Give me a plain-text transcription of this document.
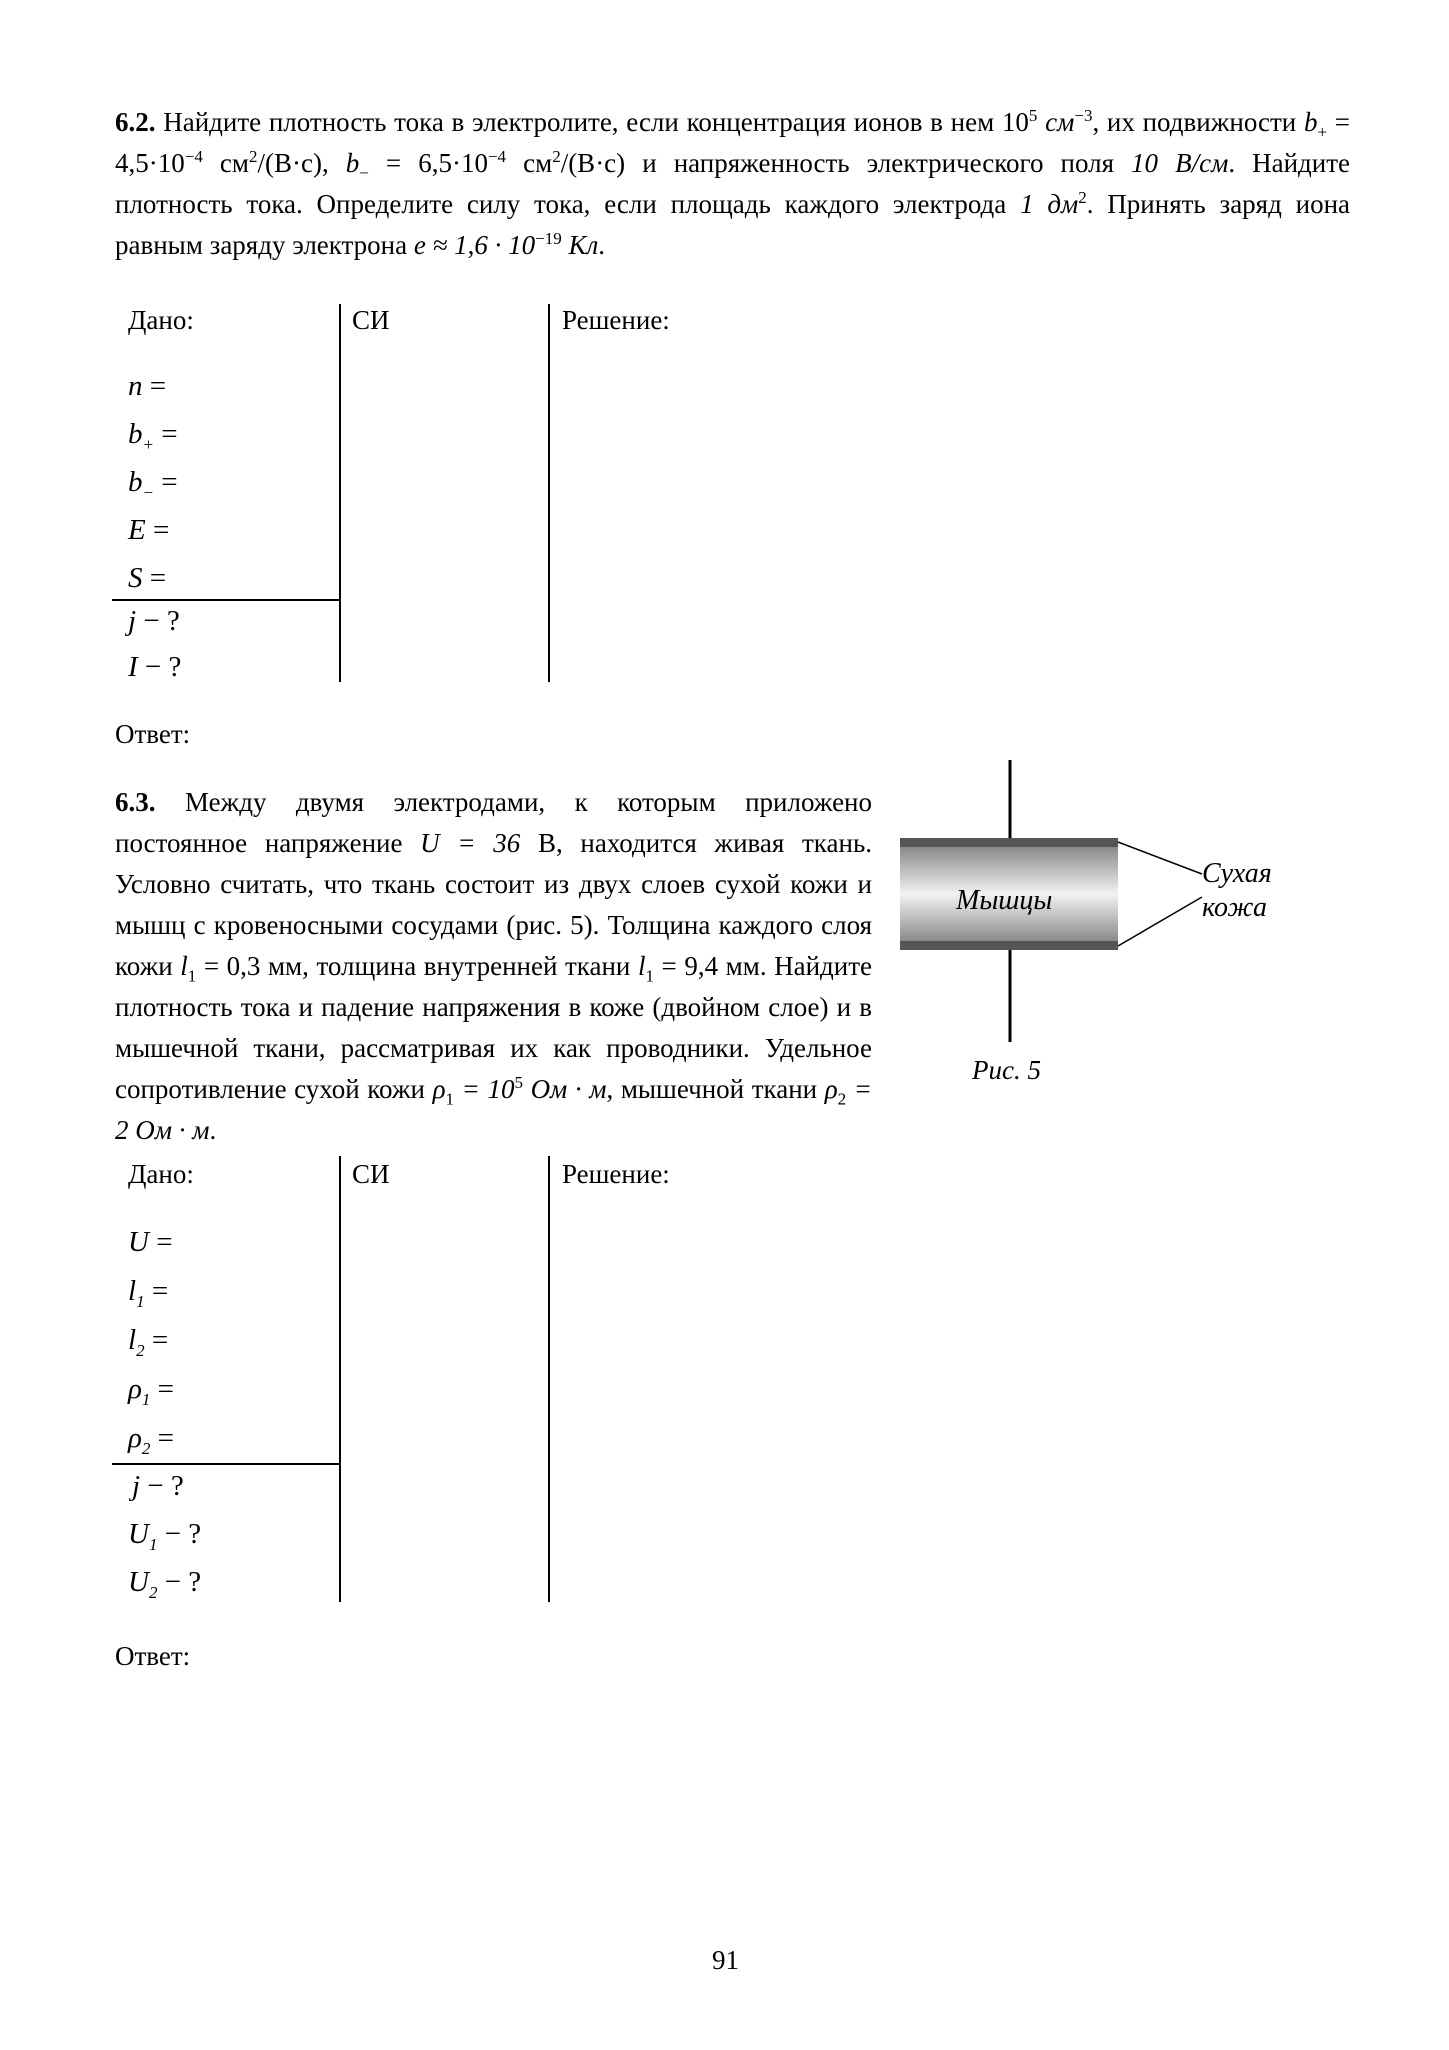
6.2. Найдите плотность тока в электролите, если концентрация ионов в нем $10^5$ $см^{-3}$, их подвижности $b_+ = 4,5\cdot 10^{-4}$ $см^2/(В\cdot c)$, $b_- = 6,5\cdot 10^{-4}$ $см^2/(В\cdot c)$ и напряженность электрического поля 10 В/см. Найдите плотность тока. Определите силу тока, если площадь каждого электрода 1 $дм^2$. Принять заряд иона равным заряду электрона $e \approx 1,6 \cdot 10^{-19}$ Кл.
Дано:	СИ	Решение:
n =
$b_+$ =
$b_-$ =
E =
S =
j − ?
I − ?
Ответ:
6.3. Между двумя электродами, к которым приложено постоянное напряжение U = 36 В, находится живая ткань. Условно считать, что ткань состоит из двух слоев сухой кожи и мышц с кровеносными сосудами (рис. 5). Толщина каждого слоя кожи $l_1 = 0,3$ мм, толщина внутренней ткани $l_1 = 9,4$ мм. Найдите плотность тока и падение напряжения в коже (двойном слое) и в мышечной ткани, рассматривая их как проводники. Удельное сопротивление сухой кожи $\rho_1 = 10^5$ Ом · м, мышечной ткани $\rho_2 = 2$ Ом · м.
Мышцы
Сухая
кожа
Рис. 5
Дано:	СИ	Решение:
U =
$l_1$ =
$l_2$ =
$\rho_1$ =
$\rho_2$ =
j − ?
$U_1$ − ?
$U_2$ − ?
Ответ:
91
